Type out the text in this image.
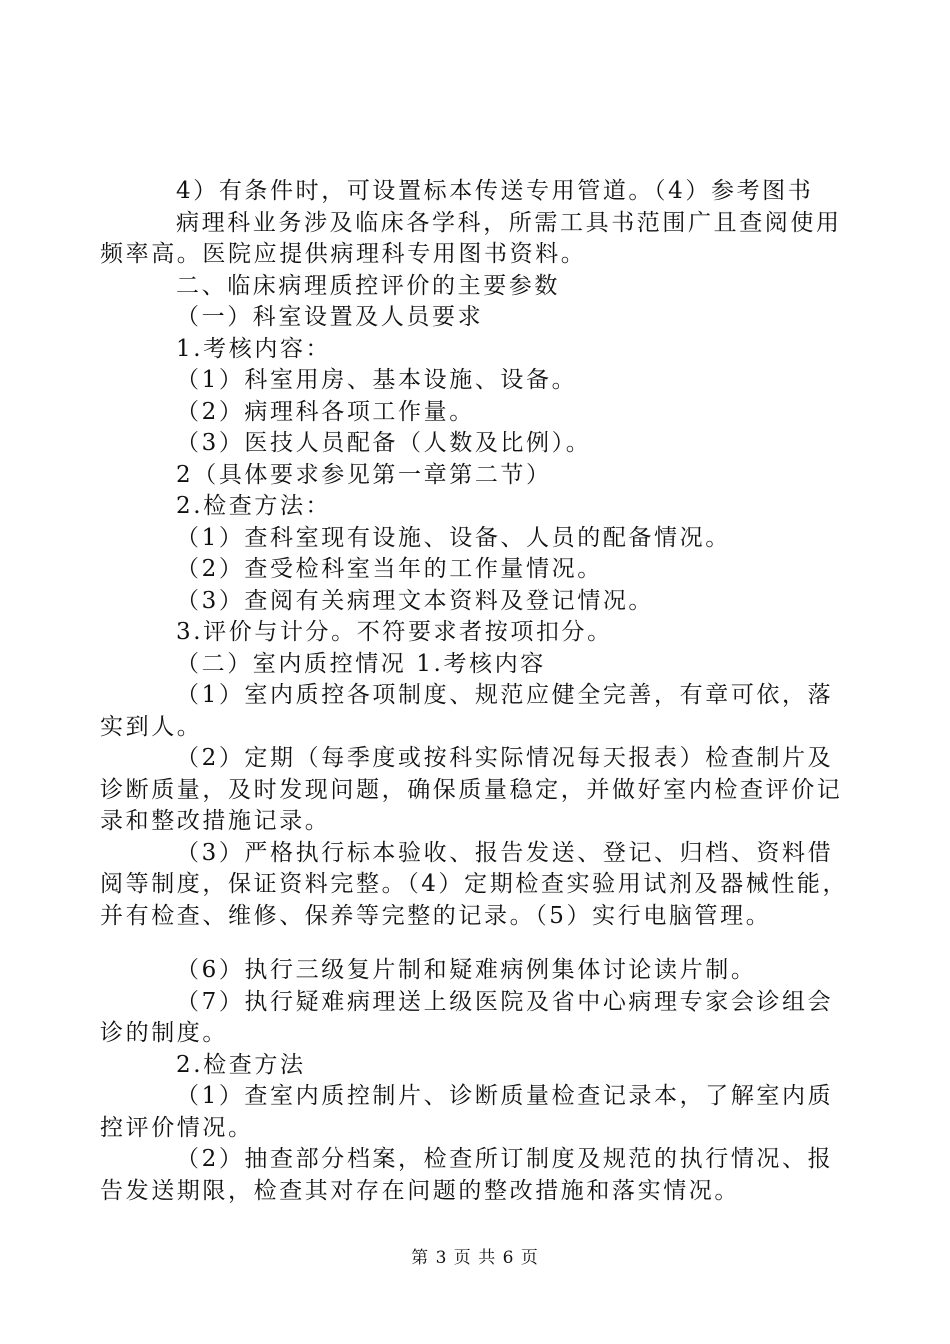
4）有条件时，可设置标本传送专用管道。（4）参考图书

病理科业务涉及临床各学科，所需工具书范围广且查阅使用频率高。医院应提供病理科专用图书资料。

二、临床病理质控评价的主要参数

（一）科室设置及人员要求

1.考核内容：

（1）科室用房、基本设施、设备。

（2）病理科各项工作量。

（3）医技人员配备（人数及比例）。

2（具体要求参见第一章第二节）

2.检查方法：

（1）查科室现有设施、设备、人员的配备情况。

（2）查受检科室当年的工作量情况。

（3）查阅有关病理文本资料及登记情况。

3.评价与计分。不符要求者按项扣分。

（二）室内质控情况 1.考核内容

（1）室内质控各项制度、规范应健全完善，有章可依，落实到人。

（2）定期（每季度或按科实际情况每天报表）检查制片及诊断质量，及时发现问题，确保质量稳定，并做好室内检查评价记录和整改措施记录。

（3）严格执行标本验收、报告发送、登记、归档、资料借阅等制度，保证资料完整。（4）定期检查实验用试剂及器械性能，并有检查、维修、保养等完整的记录。（5）实行电脑管理。

（6）执行三级复片制和疑难病例集体讨论读片制。

（7）执行疑难病理送上级医院及省中心病理专家会诊组会诊的制度。

2.检查方法

（1）查室内质控制片、诊断质量检查记录本，了解室内质控评价情况。

（2）抽查部分档案，检查所订制度及规范的执行情况、报告发送期限，检查其对存在问题的整改措施和落实情况。

第 3 页 共 6 页
